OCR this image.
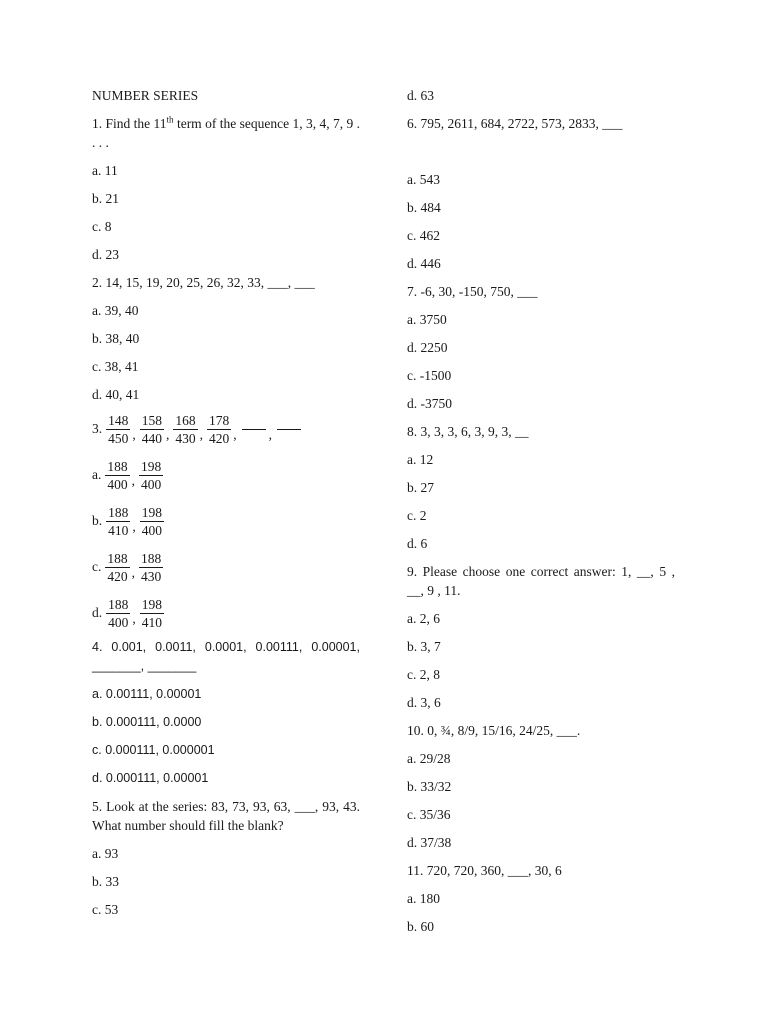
NUMBER SERIES
1. Find the 11th term of the sequence 1, 3, 4, 7, 9 . . . .
a. 11
b. 21
c. 8
d. 23
2. 14, 15, 19, 20, 25, 26, 32, 33, ___, ___
a. 39, 40
b. 38, 40
c. 38, 41
d. 40, 41
3. $\frac{148}{450}$ , $\frac{158}{440}$ , $\frac{168}{430}$ , $\frac{178}{420}$ , ,
a. $\frac{188}{400}$ , $\frac{198}{400}$
b. $\frac{188}{410}$ , $\frac{198}{400}$
c. $\frac{188}{420}$ , $\frac{188}{430}$
d. $\frac{188}{400}$ , $\frac{198}{410}$
4. 0.001, 0.0011, 0.0001, 0.00111, 0.00001, _______, _______
a. 0.00111, 0.00001
b. 0.000111, 0.0000
c. 0.000111, 0.000001
d. 0.000111, 0.00001
5. Look at the series: 83, 73, 93, 63, ___, 93, 43. What number should fill the blank?
a. 93
b. 33
c. 53
d. 63
6. 795, 2611, 684, 2722, 573, 2833, ___
a. 543
b. 484
c. 462
d. 446
7. -6, 30, -150, 750, ___
a. 3750
d. 2250
c. -1500
d. -3750
8. 3, 3, 3, 6, 3, 9, 3, __
a. 12
b. 27
c. 2
d. 6
9. Please choose one correct answer: 1, __, 5 , __, 9 , 11.
a. 2, 6
b. 3, 7
c. 2, 8
d. 3, 6
10. 0, ¾, 8/9, 15/16, 24/25, ___.
a. 29/28
b. 33/32
c. 35/36
d. 37/38
11. 720, 720, 360, ___, 30, 6
a. 180
b. 60
